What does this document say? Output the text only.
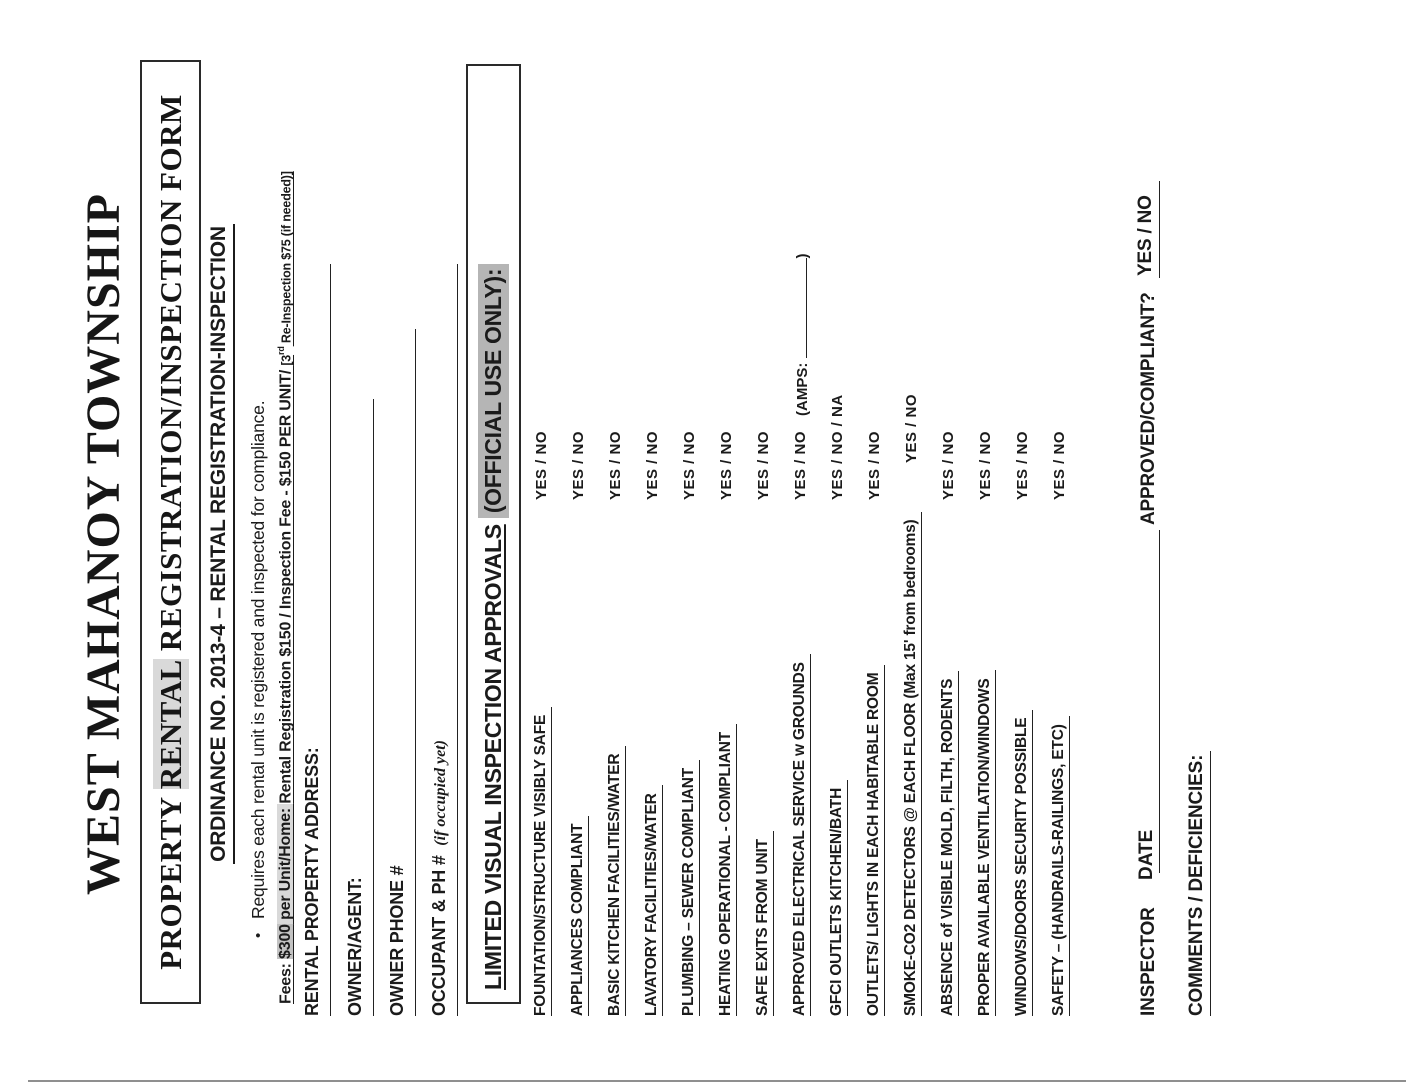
WEST MAHANOY TOWNSHIP PROPERTY
RENTAL
REGISTRATION/INSPECTION FORM ORDINANCE NO. 2013-4 – RENTAL REGISTRATION-INSPECTION
•Requires each rental unit is registered and inspected for compliance.
Fees: $300 per Unit/Home: Rental Registration $150 / Inspection Fee - $150 PER UNIT/ [3rd Re-Inspection $75 (if needed)]
RENTAL PROPERTY ADDRESS:	OWNER/AGENT:	OWNER PHONE #	OCCUPANT & PH #  (if occupied yet)	LIMITED VISUAL INSPECTION APPROVALS

(OFFICIAL USE ONLY):
FOUNTATION/STRUCTURE VISIBLY SAFE
YES / NO
APPLIANCES COMPLIANT
YES / NO
BASIC KITCHEN FACILITIES/WATER
YES / NO
LAVATORY FACILITIES/WATER
YES / NO
PLUMBING – SEWER COMPLIANT
YES / NO
HEATING OPERATIONAL - COMPLIANT
YES / NO
SAFE EXITS FROM UNIT
YES / NO
APPROVED ELECTRICAL SERVICE w GROUNDS
YES / NO
(AMPS: )
GFCI OUTLETS KITCHEN/BATH
YES / NO / NA
OUTLETS/ LIGHTS IN EACH HABITABLE ROOM
YES / NO
SMOKE-CO2 DETECTORS @ EACH FLOOR (Max 15' from bedrooms)
YES / NO
ABSENCE of VISIBLE MOLD, FILTH, RODENTS
YES / NO
PROPER AVAILABLE VENTILATION/WINDOWS
YES / NO
WINDOWS/DOORS SECURITY POSSIBLE
YES / NO
SAFETY – (HANDRAILS-RAILINGS, ETC)
YES / NO
INSPECTOR
DATE
APPROVED/COMPLIANT?
YES / NO
COMMENTS / DEFICIENCIES:
